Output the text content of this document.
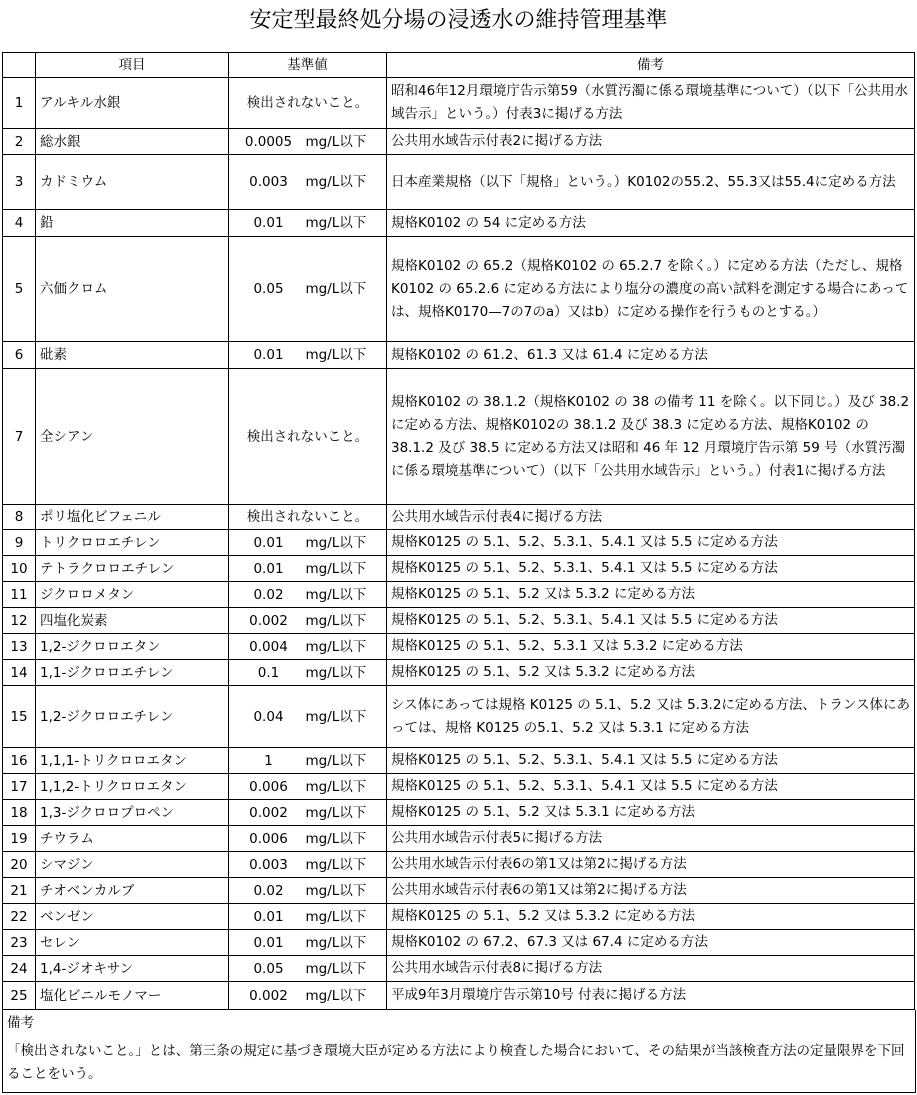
安定型最終処分場の浸透水の維持管理基準
	項目	基準値	備考
1	アルキル水銀	検出されないこと。	昭和46年12月環境庁告示第59（水質汚濁に係る環境基準について）（以下「公共用水域告示」という。）付表3に掲げる方法
2	総水銀	0.0005 mg/L以下	公共用水域告示付表2に掲げる方法
3	カドミウム	0.003 mg/L以下	日本産業規格（以下「規格」という。）K0102の55.2、55.3又は55.4に定める方法
4	鉛	0.01 mg/L以下	規格K0102 の 54 に定める方法
5	六価クロム	0.05 mg/L以下	規格K0102 の 65.2（規格K0102 の 65.2.7 を除く。）に定める方法（ただし、規格K0102 の 65.2.6 に定める方法により塩分の濃度の高い試料を測定する場合にあっては、規格K0170—7の7のa）又はb）に定める操作を行うものとする。）
6	砒素	0.01 mg/L以下	規格K0102 の 61.2、61.3 又は 61.4 に定める方法
7	全シアン	検出されないこと。	規格K0102 の 38.1.2（規格K0102 の 38 の備考 11 を除く。以下同じ。）及び 38.2 に定める方法、規格K0102の 38.1.2 及び 38.3 に定める方法、規格K0102 の38.1.2 及び 38.5 に定める方法又は昭和 46 年 12 月環境庁告示第 59 号（水質汚濁に係る環境基準について）（以下「公共用水域告示」という。）付表1に掲げる方法
8	ポリ塩化ビフェニル	検出されないこと。	公共用水域告示付表4に掲げる方法
9	トリクロロエチレン	0.01 mg/L以下	規格K0125 の 5.1、5.2、5.3.1、5.4.1 又は 5.5 に定める方法
10	テトラクロロエチレン	0.01 mg/L以下	規格K0125 の 5.1、5.2、5.3.1、5.4.1 又は 5.5 に定める方法
11	ジクロロメタン	0.02 mg/L以下	規格K0125 の 5.1、5.2 又は 5.3.2 に定める方法
12	四塩化炭素	0.002 mg/L以下	規格K0125 の 5.1、5.2、5.3.1、5.4.1 又は 5.5 に定める方法
13	1,2-ジクロロエタン	0.004 mg/L以下	規格K0125 の 5.1、5.2、5.3.1 又は 5.3.2 に定める方法
14	1,1-ジクロロエチレン	0.1 mg/L以下	規格K0125 の 5.1、5.2 又は 5.3.2 に定める方法
15	1,2-ジクロロエチレン	0.04 mg/L以下	シス体にあっては規格 K0125 の 5.1、5.2 又は 5.3.2に定める方法、トランス体にあっては、規格 K0125 の5.1、5.2 又は 5.3.1 に定める方法
16	1,1,1-トリクロロエタン	1 mg/L以下	規格K0125 の 5.1、5.2、5.3.1、5.4.1 又は 5.5 に定める方法
17	1,1,2-トリクロロエタン	0.006 mg/L以下	規格K0125 の 5.1、5.2、5.3.1、5.4.1 又は 5.5 に定める方法
18	1,3-ジクロロプロペン	0.002 mg/L以下	規格K0125 の 5.1、5.2 又は 5.3.1 に定める方法
19	チウラム	0.006 mg/L以下	公共用水域告示付表5に掲げる方法
20	シマジン	0.003 mg/L以下	公共用水域告示付表6の第1又は第2に掲げる方法
21	チオベンカルブ	0.02 mg/L以下	公共用水域告示付表6の第1又は第2に掲げる方法
22	ベンゼン	0.01 mg/L以下	規格K0125 の 5.1、5.2 又は 5.3.2 に定める方法
23	セレン	0.01 mg/L以下	規格K0102 の 67.2、67.3 又は 67.4 に定める方法
24	1,4-ジオキサン	0.05 mg/L以下	公共用水域告示付表8に掲げる方法
25	塩化ビニルモノマー	0.002 mg/L以下	平成9年3月環境庁告示第10号 付表に掲げる方法
備考
「検出されないこと。」とは、第三条の規定に基づき環境大臣が定める方法により検査した場合において、その結果が当該検査方法の定量限界を下回ることをいう。
